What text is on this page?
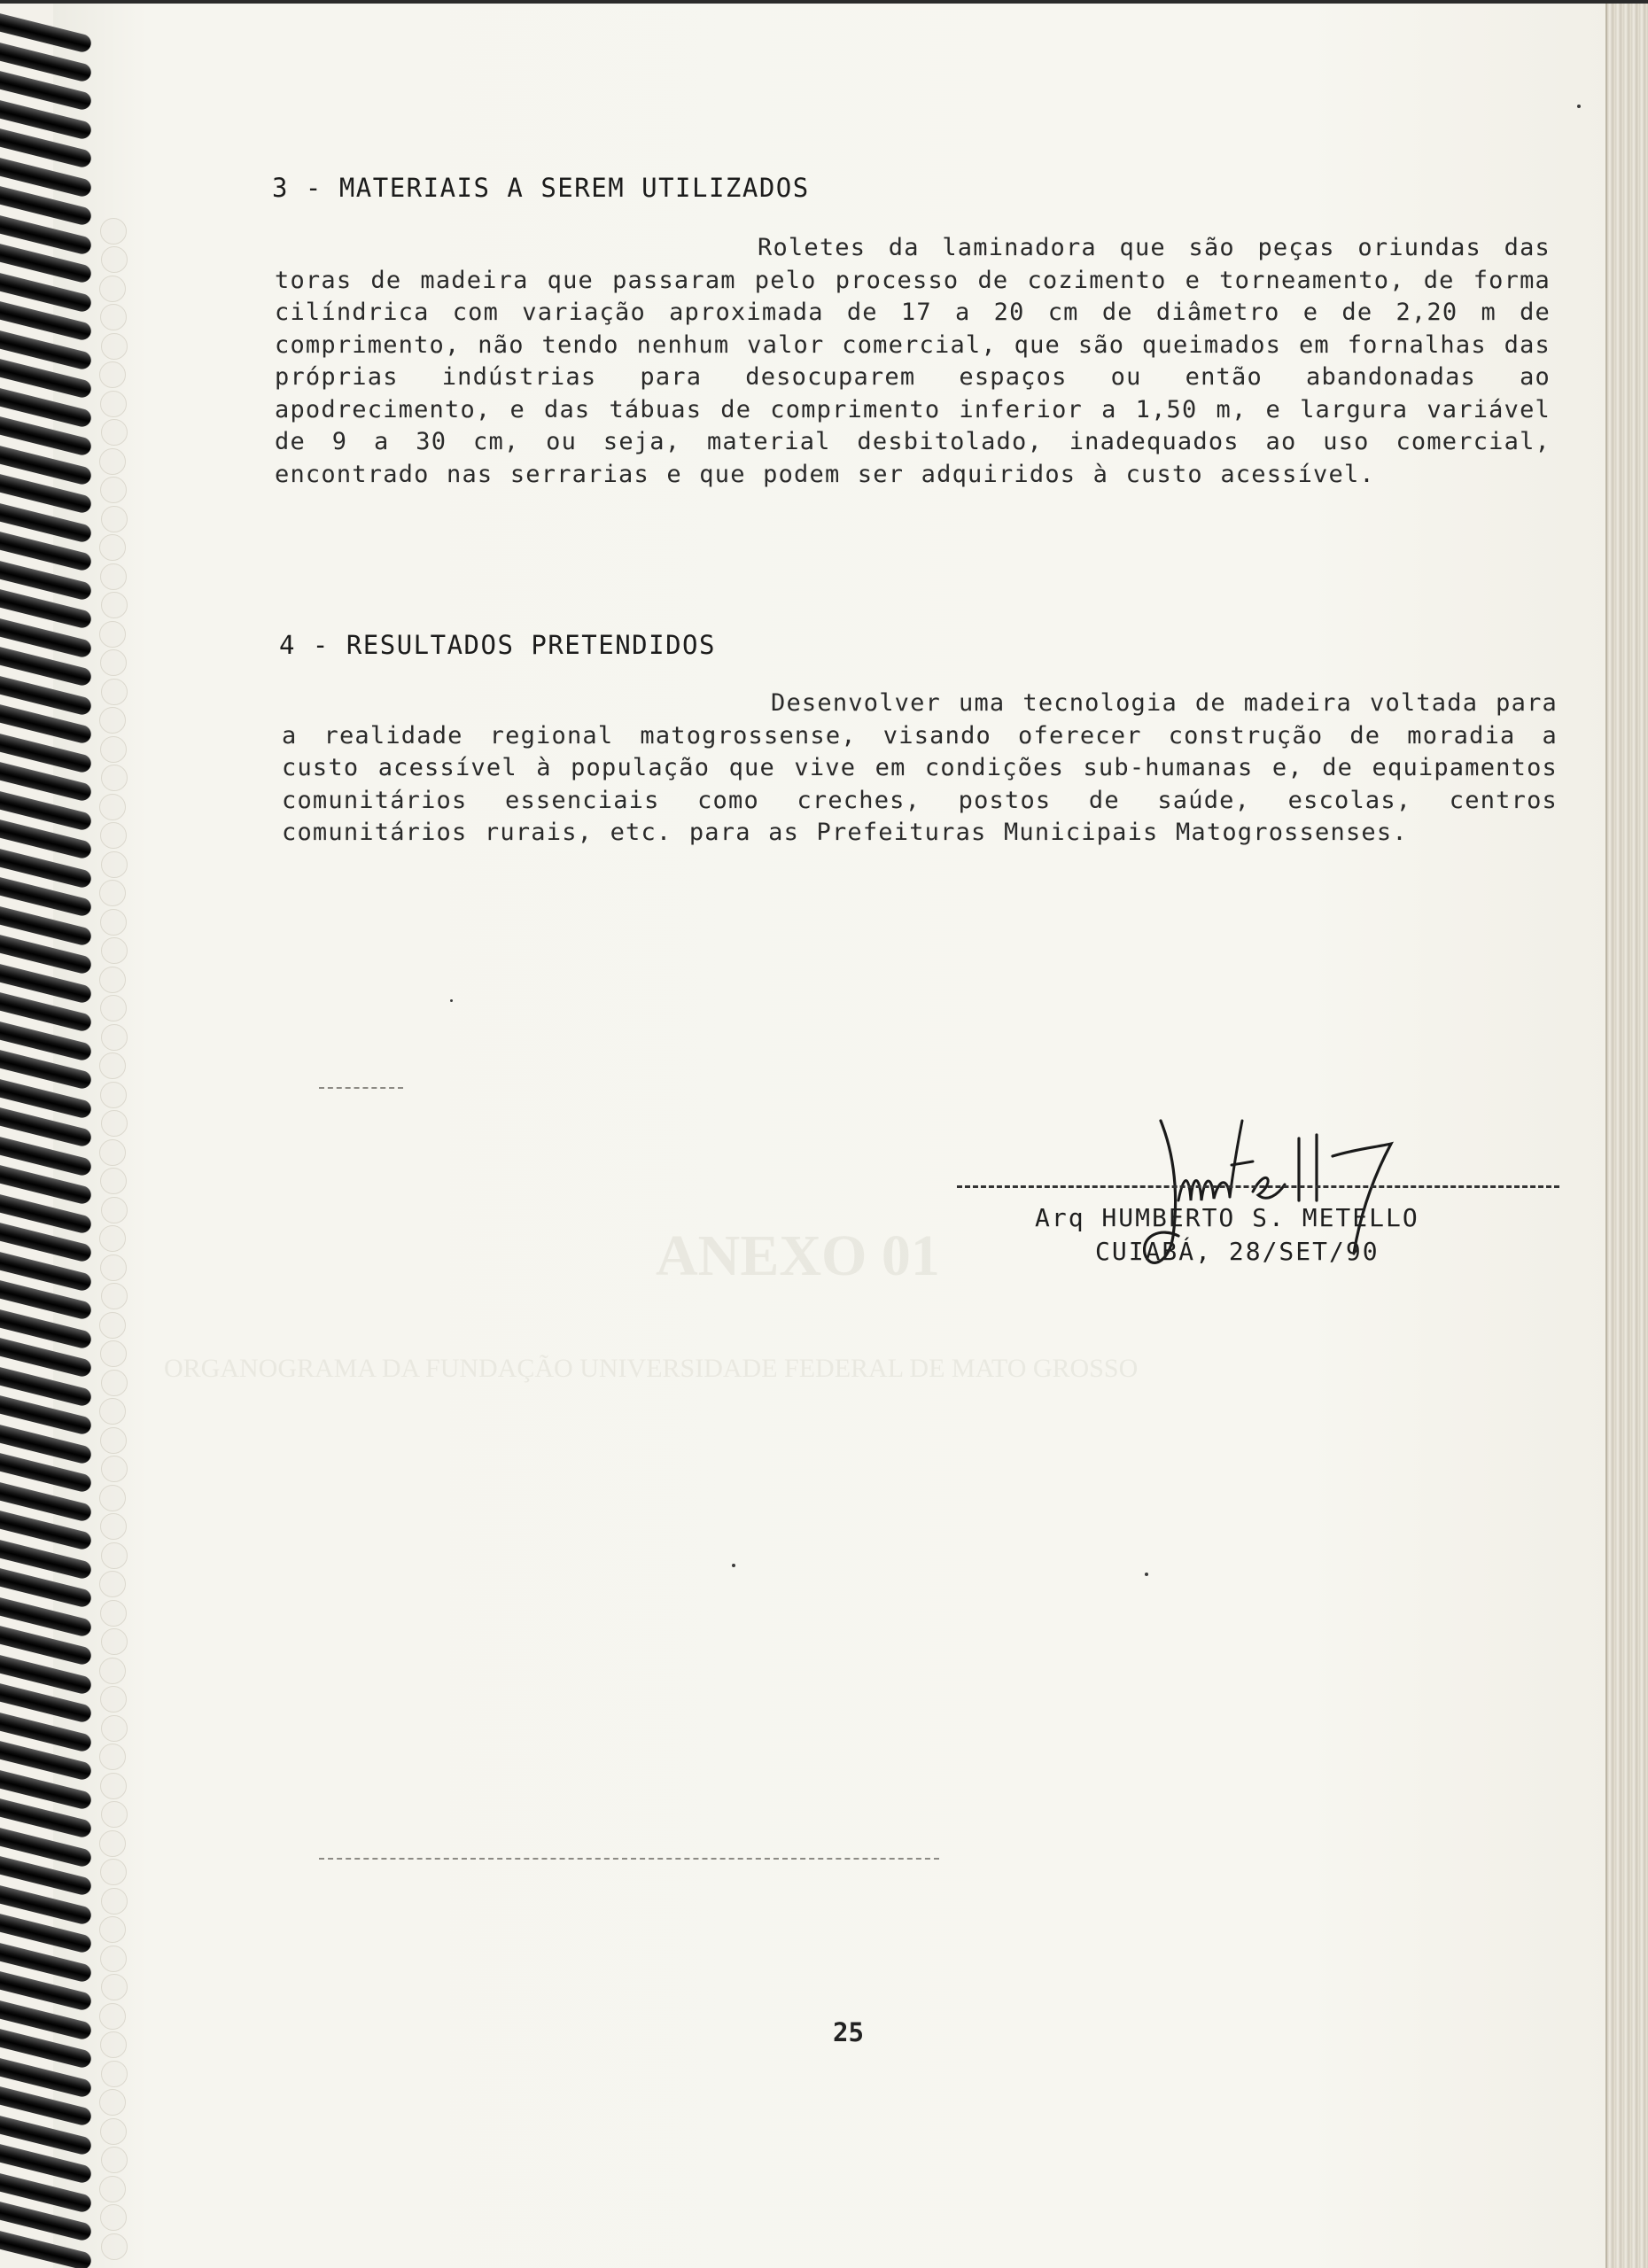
ANEXO 01
ORGANOGRAMA DA FUNDAÇÃO UNIVERSIDADE FEDERAL DE MATO GROSSO
3 - MATERIAIS A SEREM UTILIZADOS
Roletes da laminadora que são peças oriundas das toras de madeira que passaram pelo processo de cozimento e torneamento, de forma cilíndrica com variação aproximada de 17 a 20 cm de diâmetro e de 2,20 m de comprimento, não tendo nenhum valor comercial, que são queimados em fornalhas das próprias indústrias para desocuparem espaços ou então abandonadas ao apodrecimento, e das tábuas de comprimento inferior a 1,50 m, e largura variável de 9 a 30 cm, ou seja, material desbitolado, inadequados ao uso comercial, encontrado nas serrarias e que podem ser adquiridos à custo acessível.
4 - RESULTADOS PRETENDIDOS
Desenvolver uma tecnologia de madeira voltada para a realidade regional matogrossense, visando oferecer construção de moradia a custo acessível à população que vive em condições sub-humanas e, de equipamentos comunitários essenciais como creches, postos de saúde, escolas, centros comunitários rurais, etc. para as Prefeituras Municipais Matogrossenses.
Arq HUMBERTO S. METELLO
CUIABÁ, 28/SET/90
25
